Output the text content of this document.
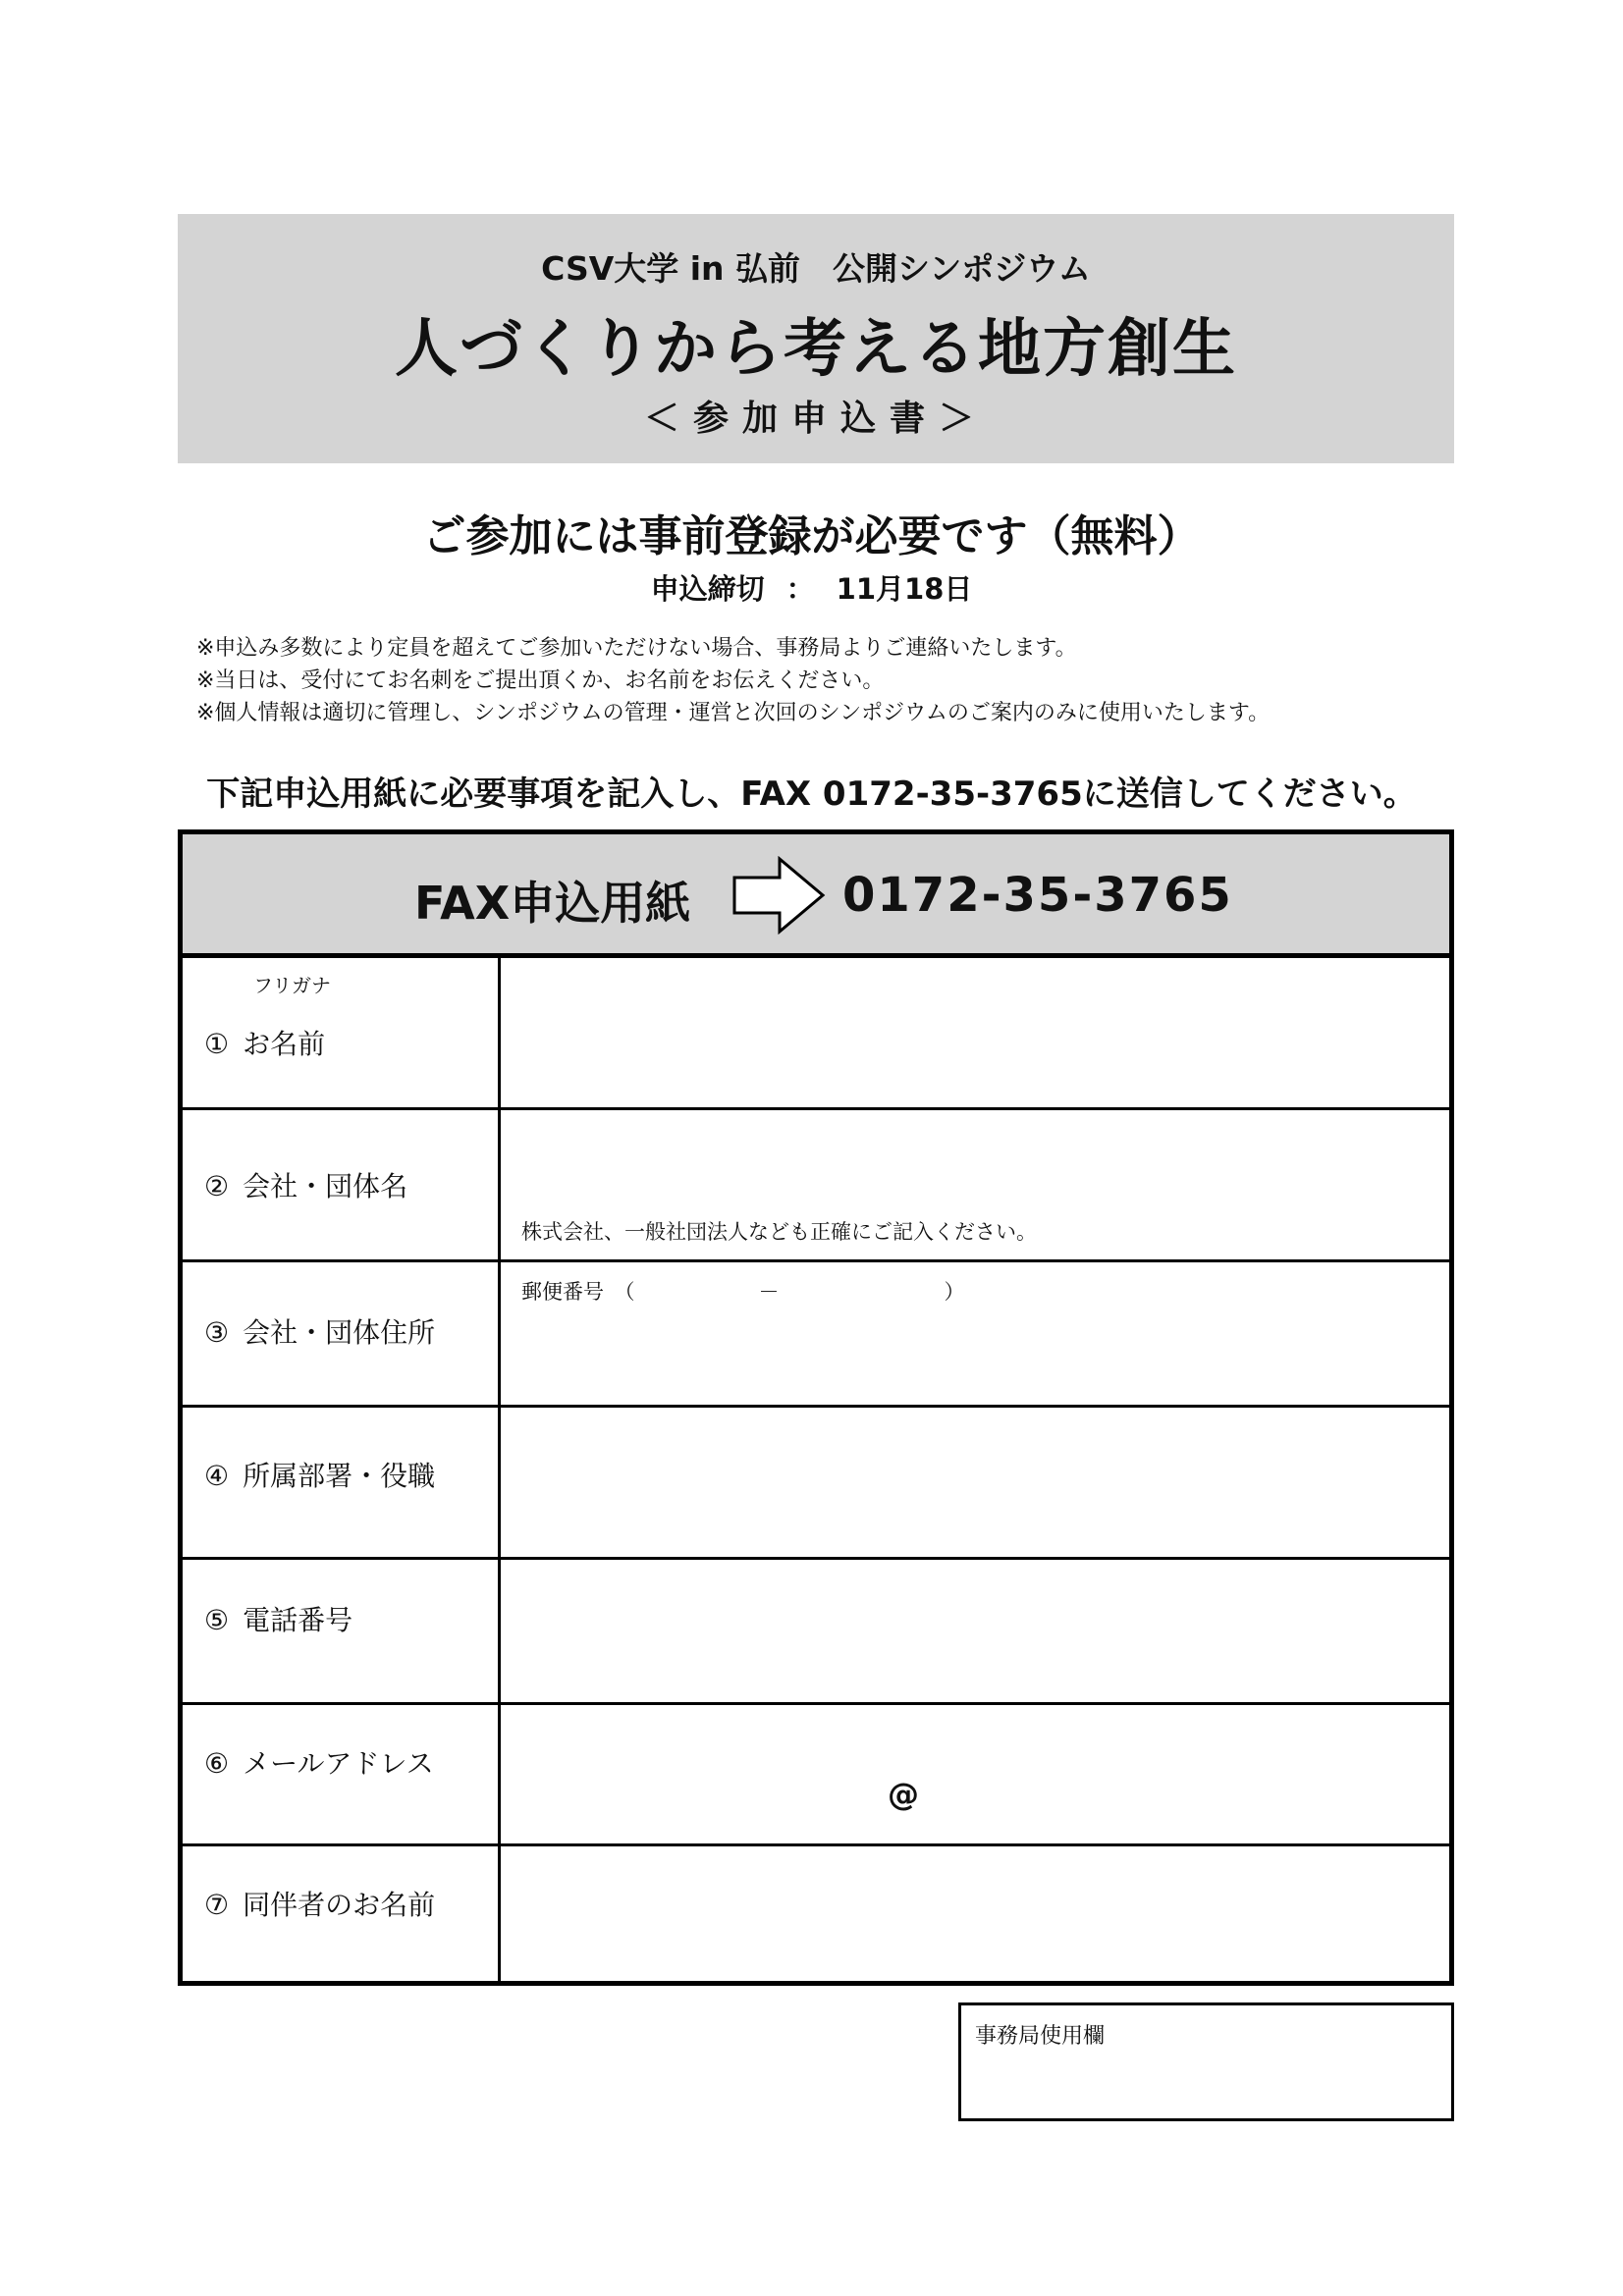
CSV大学 in 弘前　公開シンポジウム
人づくりから考える地方創生
＜参加申込書＞
ご参加には事前登録が必要です（無料）
申込締切 ： 11月18日
※申込み多数により定員を超えてご参加いただけない場合、事務局よりご連絡いたします。
※当日は、受付にてお名刺をご提出頂くか、お名前をお伝えください。
※個人情報は適切に管理し、シンポジウムの管理・運営と次回のシンポジウムのご案内のみに使用いたします。
下記申込用紙に必要事項を記入し、FAX 0172-35-3765に送信してください。
FAX申込用紙	0172-35-3765
フリガナ
① お名前
② 会社・団体名
株式会社、一般社団法人なども正確にご記入ください。
③ 会社・団体住所
郵便番号　（　　　　　　－　　　　　　　　）
④ 所属部署・役職
⑤ 電話番号
⑥ メールアドレス
@
⑦ 同伴者のお名前
事務局使用欄
